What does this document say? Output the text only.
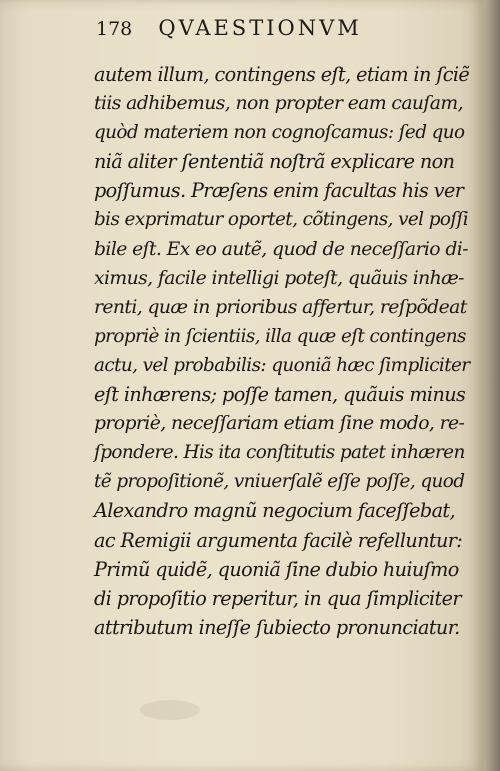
178 QVAESTIONVM
autem illum, contingens eſt, etiam in ſciẽ
tiis adhibemus, non propter eam cauſam,
quòd materiem non cognoſcamus: ſed quo
niã aliter ſententiã noſtrã explicare non
poſſumus. Præſens enim facultas his ver
bis exprimatur oportet, cõtingens, vel poſſi
bile eſt. Ex eo autẽ, quod de neceſſario di-
ximus, facile intelligi poteſt, quãuis inhæ-
renti, quæ in prioribus affertur, reſpõdeat
propriè in ſcientiis, illa quæ eſt contingens
actu, vel probabilis: quoniã hæc ſimpliciter
eſt inhærens; poſſe tamen, quãuis minus
propriè, neceſſariam etiam ſine modo, re-
ſpondere. His ita conſtitutis patet inhæren
tẽ propoſitionẽ, vniuerſalẽ eſſe poſſe, quod
Alexandro magnũ negocium faceſſebat,
ac Remigii argumenta facilè refelluntur:
Primũ quidẽ, quoniã ſine dubio huiuſmo
di propoſitio reperitur, in qua ſimpliciter
attributum ineſſe ſubiecto pronunciatur.
